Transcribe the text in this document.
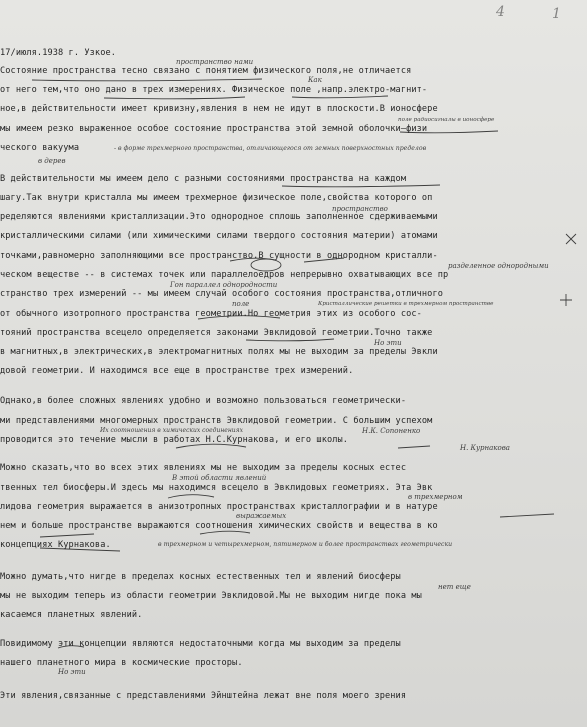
4	1

17/июля.1938 г. Узкое.

Состояние пространства тесно связано с понятием физического поля,не отличается

от него тем,что оно дано в трех измерениях. Физическое поле ,напр.электро-магнит-

ное,в действительности имеет кривизну,явления в нем не идут в плоскости.В ионосфере

мы имеем резко выраженное особое состояние пространства этой земной оболочки—физи

ческого вакуума

В действительности мы имеем дело с разными состояниями пространства на каждом

шагу.Так внутри кристалла мы имеем трехмерное физическое поле,свойства которого оп

ределяются явлениями кристаллизации.Это однородное сплошь заполненное сдерживаемыми

кристаллическими силами (или химическими силами твердого состояния материи) атомами

точками,равномерно заполняющими все пространство.В сущности в однородном кристалли-

ческом веществе -- в системах точек или параллелоедров непрерывно охватывающих все пр

странство трех измерений -- мы имеем случай особого состояния пространства,отличного

от обычного изотропного пространства геометрии.Но геометрия этих из особого сос-

тояний пространства всецело определяется законами Эвклидовой геометрии.Точно также

в магнитных,в электрических,в электромагнитных полях мы не выходим за пределы Эвкли

довой геометрии. И находимся все еще в пространстве трех измерений.

Однако,в более сложных явлениях удобно и возможно пользоваться геометрически-

ми представлениями многомерных пространств Эвклидовой геометрии. С большим успехом

проводится это течение мысли в работах Н.С.Курнакова, и его школы.

Можно сказать,что во всех этих явлениях мы не выходим за пределы косных естес

твенных тел биосферы.И здесь мы находимся всецело в Эвклидовых геометриях. Эта Эвк

лидова геометрия выражается в анизотропных пространствах кристаллографии и в натуре

нем и больше пространстве выражаются соотношения химических свойств и вещества в ко

концепциях Курнакова.

Можно думать,что нигде в пределах косных естественных тел и явлений биосферы

мы не выходим теперь из области геометрии Эвклидовой.Мы не выходим нигде пока мы

касаемся планетных явлений.

Повидимому эти концепции являются недостаточными когда мы выходим за пределы

нашего планетного мира в космические просторы.

Эти явления,связанные с представлениями Эйнштейна лежат вне поля моего зрения

пространство нами

Как

поле радиосигналы в ионосфере

- в форме трехмерного пространства, отличающегося от земных поверхностных пределов

в дерев

пространство

разделенное однородными

Гон параллел однородности

Кристаллические решетки в трехмерном пространстве

Но эти

поле

Их соотношения в химических соединениях	Н.К. Сопоненко

Н. Курнакова

В этой области явлений

в трехмерном

выражаемых

в трехмерном и четырехмерном, пятимерном и более пространствах геометрически

нет еще

Но эти
